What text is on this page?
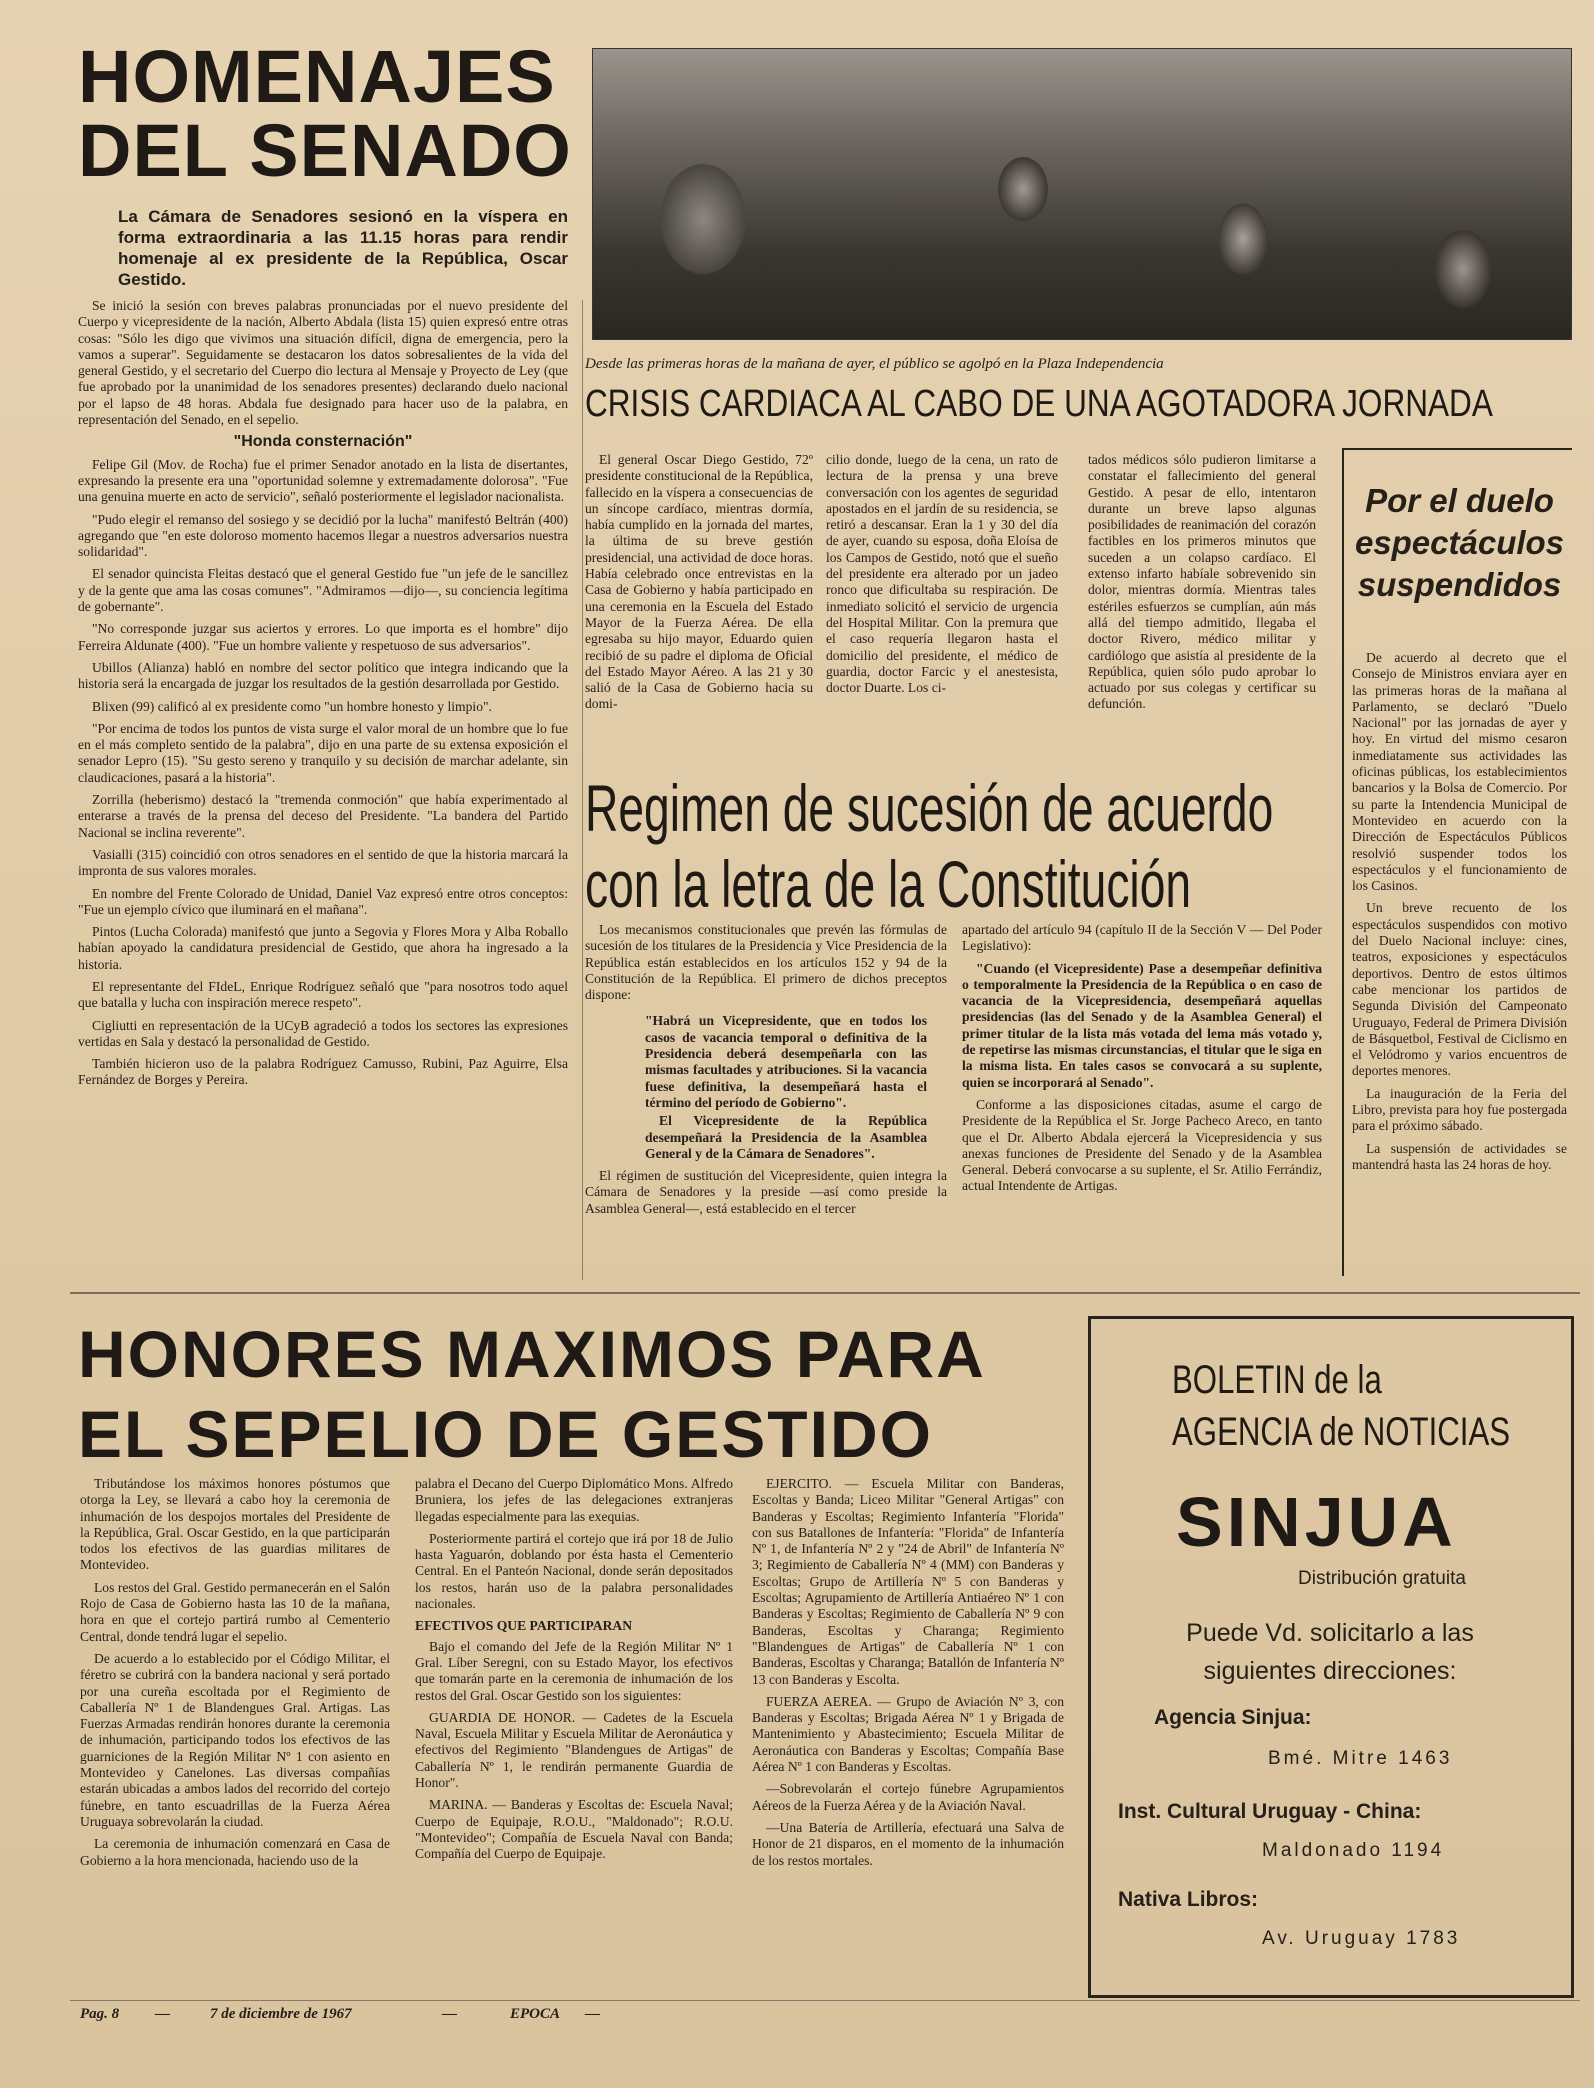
HOMENAJES
DEL SENADO
La Cámara de Senadores sesionó en la víspera en forma extraordinaria a las 11.15 horas para rendir homenaje al ex presidente de la República, Oscar Gestido.

Se inició la sesión con breves palabras pronunciadas por el nuevo presidente del Cuerpo y vicepresidente de la nación, Alberto Abdala (lista 15) quien expresó entre otras cosas: "Sólo les digo que vivimos una situación difícil, digna de emergencia, pero la vamos a superar". Seguidamente se destacaron los datos sobresalientes de la vida del general Gestido, y el secretario del Cuerpo dio lectura al Mensaje y Proyecto de Ley (que fue aprobado por la unanimidad de los senadores presentes) declarando duelo nacional por el lapso de 48 horas. Abdala fue designado para hacer uso de la palabra, en representación del Senado, en el sepelio.

"Honda consternación"

Felipe Gil (Mov. de Rocha) fue el primer Senador anotado en la lista de disertantes, expresando la presente era una "oportunidad solemne y extremadamente dolorosa". "Fue una genuina muerte en acto de servicio", señaló posteriormente el legislador nacionalista.

"Pudo elegir el remanso del sosiego y se decidió por la lucha" manifestó Beltrán (400) agregando que "en este doloroso momento hacemos llegar a nuestros adversarios nuestra solidaridad".

El senador quincista Fleitas destacó que el general Gestido fue "un jefe de le sancillez y de la gente que ama las cosas comunes". "Admiramos —dijo—, su conciencia legítima de gobernante".

"No corresponde juzgar sus aciertos y errores. Lo que importa es el hombre" dijo Ferreira Aldunate (400). "Fue un hombre valiente y respetuoso de sus adversarios".

Ubillos (Alianza) habló en nombre del sector político que integra indicando que la historia será la encargada de juzgar los resultados de la gestión desarrollada por Gestido.

Blixen (99) calificó al ex presidente como "un hombre honesto y limpio".

"Por encima de todos los puntos de vista surge el valor moral de un hombre que lo fue en el más completo sentido de la palabra", dijo en una parte de su extensa exposición el senador Lepro (15). "Su gesto sereno y tranquilo y su decisión de marchar adelante, sin claudicaciones, pasará a la historia".

Zorrilla (heberismo) destacó la "tremenda conmoción" que había experimentado al enterarse a través de la prensa del deceso del Presidente. "La bandera del Partido Nacional se inclina reverente".

Vasialli (315) coincidió con otros senadores en el sentido de que la historia marcará la impronta de sus valores morales.

En nombre del Frente Colorado de Unidad, Daniel Vaz expresó entre otros conceptos: "Fue un ejemplo cívico que iluminará en el mañana".

Pintos (Lucha Colorada) manifestó que junto a Segovia y Flores Mora y Alba Roballo habían apoyado la candidatura presidencial de Gestido, que ahora ha ingresado a la historia.

El representante del FIdeL, Enrique Rodríguez señaló que "para nosotros todo aquel que batalla y lucha con inspiración merece respeto".

Cigliutti en representación de la UCyB agradeció a todos los sectores las expresiones vertidas en Sala y destacó la personalidad de Gestido.

También hicieron uso de la palabra Rodríguez Camusso, Rubini, Paz Aguirre, Elsa Fernández de Borges y Pereira.

Desde las primeras horas de la mañana de ayer, el público se agolpó en la Plaza Independencia
CRISIS CARDIACA AL CABO DE UNA AGOTADORA JORNADA
El general Oscar Diego Gestido, 72º presidente constitucional de la República, fallecido en la víspera a consecuencias de un síncope cardíaco, mientras dormía, había cumplido en la jornada del martes, la última de su breve gestión presidencial, una actividad de doce horas. Había celebrado once entrevistas en la Casa de Gobierno y había participado en una ceremonia en la Escuela del Estado Mayor de la Fuerza Aérea. De ella egresaba su hijo mayor, Eduardo quien recibió de su padre el diploma de Oficial del Estado Mayor Aéreo. A las 21 y 30 salió de la Casa de Gobierno hacia su domi-
cilio donde, luego de la cena, un rato de lectura de la prensa y una breve conversación con los agentes de seguridad apostados en el jardín de su residencia, se retiró a descansar. Eran la 1 y 30 del día de ayer, cuando su esposa, doña Eloísa de los Campos de Gestido, notó que el sueño del presidente era alterado por un jadeo ronco que dificultaba su respiración. De inmediato solicitó el servicio de urgencia del Hospital Militar. Con la premura que el caso requería llegaron hasta el domicilio del presidente, el médico de guardia, doctor Farcic y el anestesista, doctor Duarte. Los ci-
tados médicos sólo pudieron limitarse a constatar el fallecimiento del general Gestido. A pesar de ello, intentaron durante un breve lapso algunas posibilidades de reanimación del corazón factibles en los primeros minutos que suceden a un colapso cardíaco. El extenso infarto habíale sobrevenido sin dolor, mientras dormía. Mientras tales estériles esfuerzos se cumplían, aún más allá del tiempo admitido, llegaba el doctor Rivero, médico militar y cardiólogo que asistía al presidente de la República, quien sólo pudo aprobar lo actuado por sus colegas y certificar su defunción.
Por el duelo espectáculos suspendidos

De acuerdo al decreto que el Consejo de Ministros enviara ayer en las primeras horas de la mañana al Parlamento, se declaró "Duelo Nacional" por las jornadas de ayer y hoy. En virtud del mismo cesaron inmediatamente sus actividades las oficinas públicas, los establecimientos bancarios y la Bolsa de Comercio. Por su parte la Intendencia Municipal de Montevideo en acuerdo con la Dirección de Espectáculos Públicos resolvió suspender todos los espectáculos y el funcionamiento de los Casinos.

Un breve recuento de los espectáculos suspendidos con motivo del Duelo Nacional incluye: cines, teatros, exposiciones y espectáculos deportivos. Dentro de estos últimos cabe mencionar los partidos de Segunda División del Campeonato Uruguayo, Federal de Primera División de Básquetbol, Festival de Ciclismo en el Velódromo y varios encuentros de deportes menores.

La inauguración de la Feria del Libro, prevista para hoy fue postergada para el próximo sábado.

La suspensión de actividades se mantendrá hasta las 24 horas de hoy.

Regimen de sucesión de acuerdo
con la letra de la Constitución

Los mecanismos constitucionales que prevén las fórmulas de sucesión de los titulares de la Presidencia y Vice Presidencia de la República están establecidos en los artículos 152 y 94 de la Constitución de la República. El primero de dichos preceptos dispone:

"Habrá un Vicepresidente, que en todos los casos de vacancia temporal o definitiva de la Presidencia deberá desempeñarla con las mismas facultades y atribuciones. Si la vacancia fuese definitiva, la desempeñará hasta el término del período de Gobierno".

El Vicepresidente de la República desempeñará la Presidencia de la Asamblea General y de la Cámara de Senadores".

El régimen de sustitución del Vicepresidente, quien integra la Cámara de Senadores y la preside —así como preside la Asamblea General—, está establecido en el tercer

apartado del artículo 94 (capítulo II de la Sección V — Del Poder Legislativo):

"Cuando (el Vicepresidente) Pase a desempeñar definitiva o temporalmente la Presidencia de la República o en caso de vacancia de la Vicepresidencia, desempeñará aquellas presidencias (las del Senado y de la Asamblea General) el primer titular de la lista más votada del lema más votado y, de repetirse las mismas circunstancias, el titular que le siga en la misma lista. En tales casos se convocará a su suplente, quien se incorporará al Senado".

Conforme a las disposiciones citadas, asume el cargo de Presidente de la República el Sr. Jorge Pacheco Areco, en tanto que el Dr. Alberto Abdala ejercerá la Vicepresidencia y sus anexas funciones de Presidente del Senado y de la Asamblea General. Deberá convocarse a su suplente, el Sr. Atilio Ferrándiz, actual Intendente de Artigas.

HONORES MAXIMOS PARA
EL SEPELIO DE GESTIDO

Tributándose los máximos honores póstumos que otorga la Ley, se llevará a cabo hoy la ceremonia de inhumación de los despojos mortales del Presidente de la República, Gral. Oscar Gestido, en la que participarán todos los efectivos de las guardias militares de Montevideo.

Los restos del Gral. Gestido permanecerán en el Salón Rojo de Casa de Gobierno hasta las 10 de la mañana, hora en que el cortejo partirá rumbo al Cementerio Central, donde tendrá lugar el sepelio.

De acuerdo a lo establecido por el Código Militar, el féretro se cubrirá con la bandera nacional y será portado por una cureña escoltada por el Regimiento de Caballería Nº 1 de Blandengues Gral. Artigas. Las Fuerzas Armadas rendirán honores durante la ceremonia de inhumación, participando todos los efectivos de las guarniciones de la Región Militar Nº 1 con asiento en Montevideo y Canelones. Las diversas compañías estarán ubicadas a ambos lados del recorrido del cortejo fúnebre, en tanto escuadrillas de la Fuerza Aérea Uruguaya sobrevolarán la ciudad.

La ceremonia de inhumación comenzará en Casa de Gobierno a la hora mencionada, haciendo uso de la

palabra el Decano del Cuerpo Diplomático Mons. Alfredo Bruniera, los jefes de las delegaciones extranjeras llegadas especialmente para las exequias.

Posteriormente partirá el cortejo que irá por 18 de Julio hasta Yaguarón, doblando por ésta hasta el Cementerio Central. En el Panteón Nacional, donde serán depositados los restos, harán uso de la palabra personalidades nacionales.

EFECTIVOS QUE PARTICIPARAN

Bajo el comando del Jefe de la Región Militar Nº 1 Gral. Líber Seregni, con su Estado Mayor, los efectivos que tomarán parte en la ceremonia de inhumación de los restos del Gral. Oscar Gestido son los siguientes:

GUARDIA DE HONOR. — Cadetes de la Escuela Naval, Escuela Militar y Escuela Militar de Aeronáutica y efectivos del Regimiento "Blandengues de Artigas" de Caballería Nº 1, le rendirán permanente Guardia de Honor".

MARINA. — Banderas y Escoltas de: Escuela Naval; Cuerpo de Equipaje, R.O.U., "Maldonado"; R.O.U. "Montevideo"; Compañía de Escuela Naval con Banda; Compañía del Cuerpo de Equipaje.

EJERCITO. — Escuela Militar con Banderas, Escoltas y Banda; Liceo Militar "General Artigas" con Banderas y Escoltas; Regimiento Infantería "Florida" con sus Batallones de Infantería: "Florida" de Infantería Nº 1, de Infantería Nº 2 y "24 de Abril" de Infantería Nº 3; Regimiento de Caballería Nº 4 (MM) con Banderas y Escoltas; Grupo de Artillería Nº 5 con Banderas y Escoltas; Agrupamiento de Artillería Antiaéreo Nº 1 con Banderas y Escoltas; Regimiento de Caballería Nº 9 con Banderas, Escoltas y Charanga; Regimiento "Blandengues de Artigas" de Caballería Nº 1 con Banderas, Escoltas y Charanga; Batallón de Infantería Nº 13 con Banderas y Escolta.

FUERZA AEREA. — Grupo de Aviación Nº 3, con Banderas y Escoltas; Brigada Aérea Nº 1 y Brigada de Mantenimiento y Abastecimiento; Escuela Militar de Aeronáutica con Banderas y Escoltas; Compañía Base Aérea Nº 1 con Banderas y Escoltas.

—Sobrevolarán el cortejo fúnebre Agrupamientos Aéreos de la Fuerza Aérea y de la Aviación Naval.

—Una Batería de Artillería, efectuará una Salva de Honor de 21 disparos, en el momento de la inhumación de los restos mortales.

BOLETIN de la
AGENCIA de NOTICIAS
SINJUA
Distribución gratuita
Puede Vd. solicitarlo a las
siguientes direcciones:
Agencia Sinjua:
Bmé. Mitre 1463
Inst. Cultural Uruguay - China:
Maldonado 1194
Nativa Libros:
Av. Uruguay 1783
Pag. 8 —	7 de diciembre de 1967	—	EPOCA —
